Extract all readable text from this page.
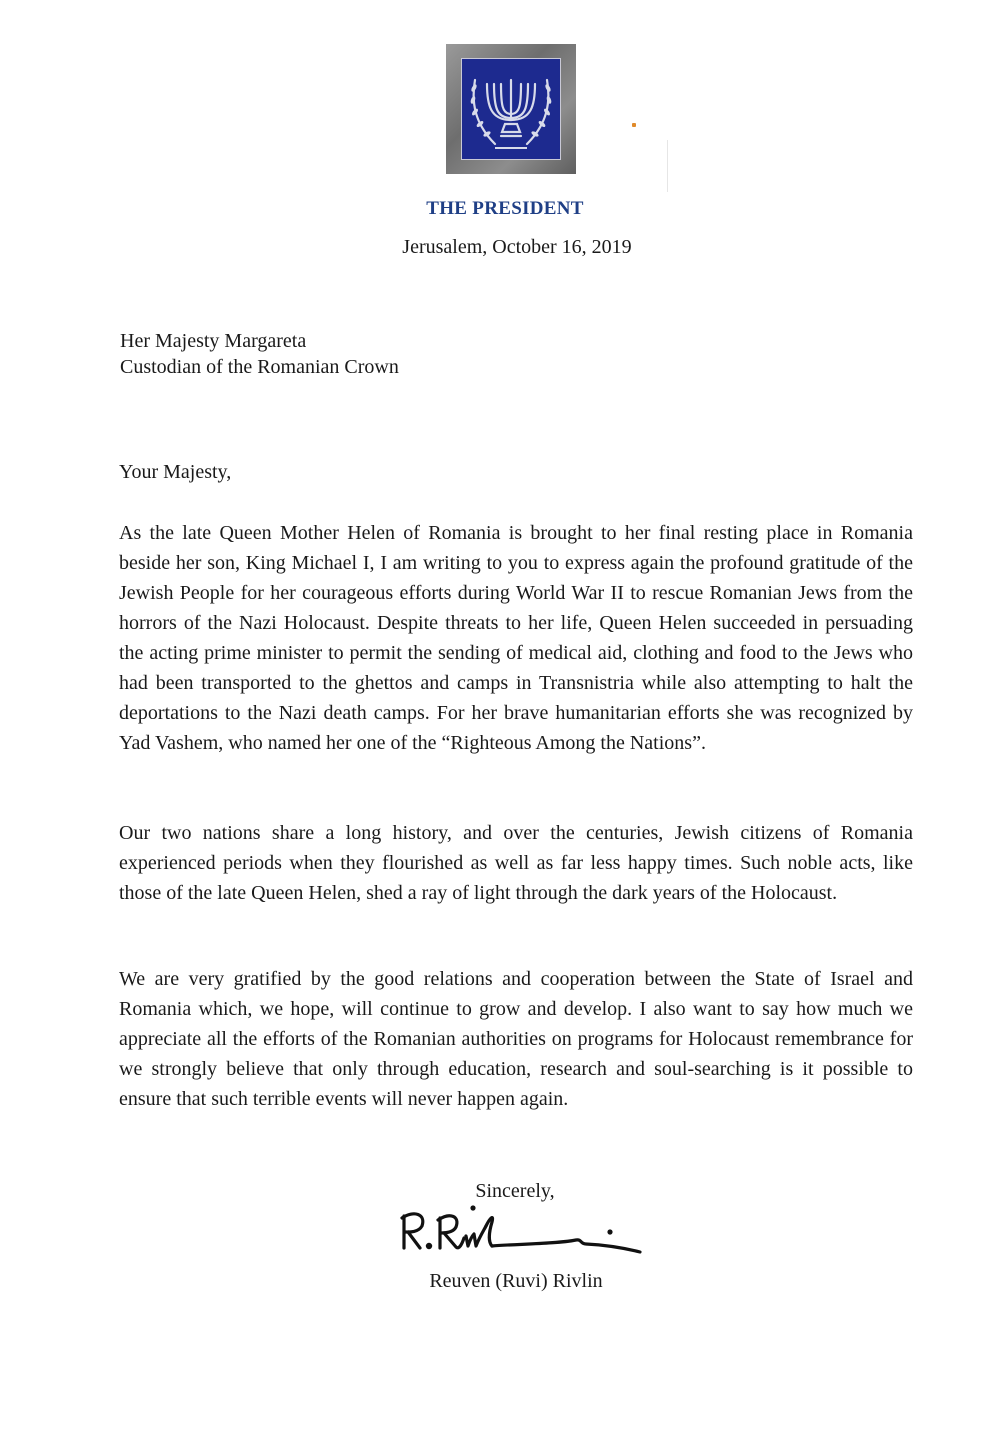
THE PRESIDENT
Jerusalem, October 16, 2019
Her Majesty Margareta
Custodian of the Romanian Crown
Your Majesty,

As the late Queen Mother Helen of Romania is brought to her final resting place in Romania beside her son, King Michael I, I am writing to you to express again the profound gratitude of the Jewish People for her courageous efforts during World War II to rescue Romanian Jews from the horrors of the Nazi Holocaust. Despite threats to her life, Queen Helen succeeded in persuading the acting prime minister to permit the sending of medical aid, clothing and food to the Jews who had been transported to the ghettos and camps in Transnistria while also attempting to halt the deportations to the Nazi death camps. For her brave humanitarian efforts she was recognized by Yad Vashem, who named her one of the “Righteous Among the Nations”.

Our two nations share a long history, and over the centuries, Jewish citizens of Romania experienced periods when they flourished as well as far less happy times. Such noble acts, like those of the late Queen Helen, shed a ray of light through the dark years of the Holocaust.

We are very gratified by the good relations and cooperation between the State of Israel and Romania which, we hope, will continue to grow and develop. I also want to say how much we appreciate all the efforts of the Romanian authorities on programs for Holocaust remembrance for we strongly believe that only through education, research and soul-searching is it possible to ensure that such terrible events will never happen again.

Sincerely,
Reuven (Ruvi) Rivlin
